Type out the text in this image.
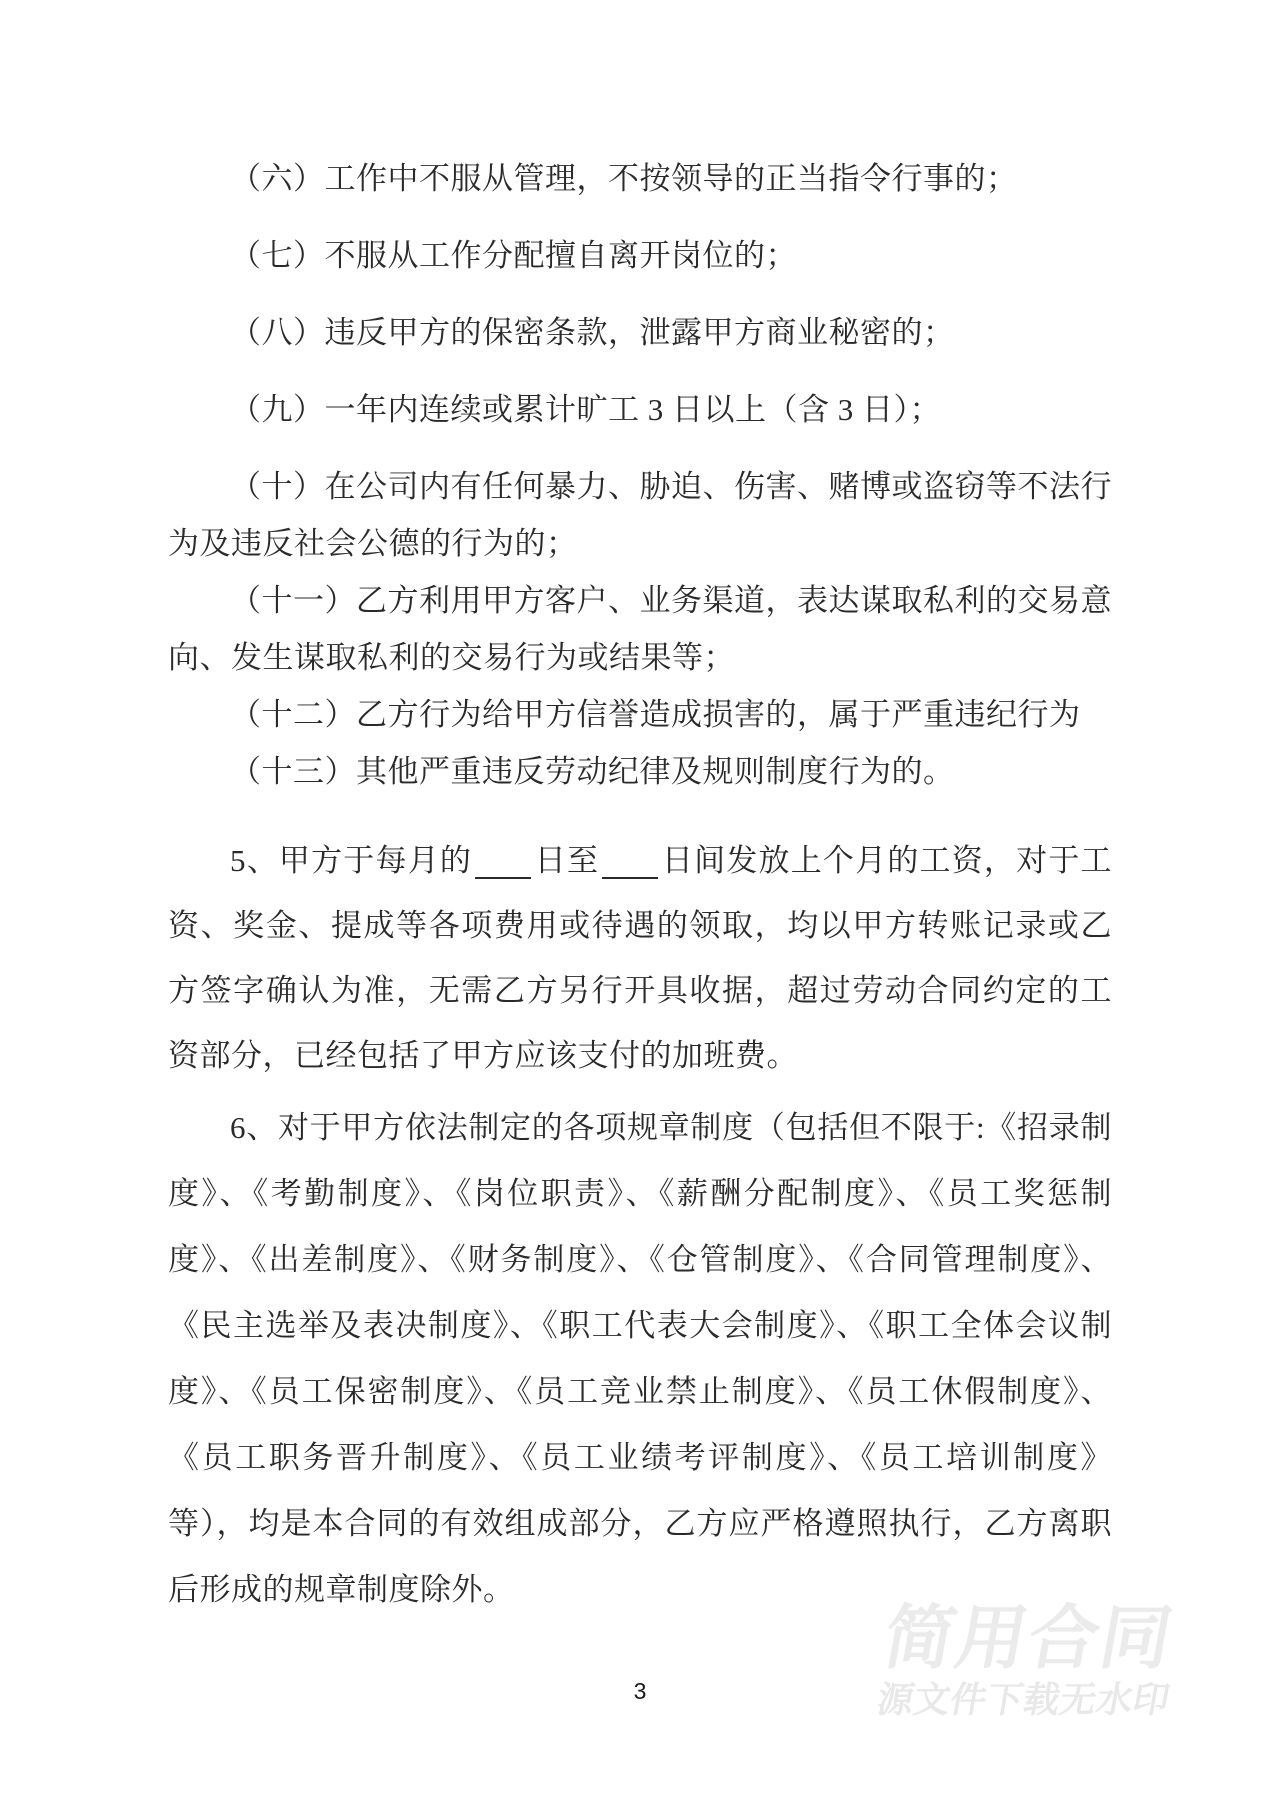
（六）工作中不服从管理，不按领导的正当指令行事的；

（七）不服从工作分配擅自离开岗位的；

（八）违反甲方的保密条款，泄露甲方商业秘密的；

（九）一年内连续或累计旷工 3 日以上（含 3 日）；

（十）在公司内有任何暴力、胁迫、伤害、赌博或盗窃等不法行为及违反社会公德的行为的；

（十一）乙方利用甲方客户、业务渠道，表达谋取私利的交易意向、发生谋取私利的交易行为或结果等；

（十二）乙方行为给甲方信誉造成损害的，属于严重违纪行为

（十三）其他严重违反劳动纪律及规则制度行为的。

5、甲方于每月的 日至 日间发放上个月的工资，对于工资、奖金、提成等各项费用或待遇的领取，均以甲方转账记录或乙方签字确认为准，无需乙方另行开具收据，超过劳动合同约定的工资部分，已经包括了甲方应该支付的加班费。

6、对于甲方依法制定的各项规章制度（包括但不限于:《招录制度》、《考勤制度》、《岗位职责》、《薪酬分配制度》、《员工奖惩制度》、《出差制度》、《财务制度》、《仓管制度》、《合同管理制度》、《民主选举及表决制度》、《职工代表大会制度》、《职工全体会议制度》、《员工保密制度》、《员工竞业禁止制度》、《员工休假制度》、《员工职务晋升制度》、《员工业绩考评制度》、《员工培训制度》等），均是本合同的有效组成部分，乙方应严格遵照执行，乙方离职后形成的规章制度除外。

简用合同
源文件下载无水印
3
